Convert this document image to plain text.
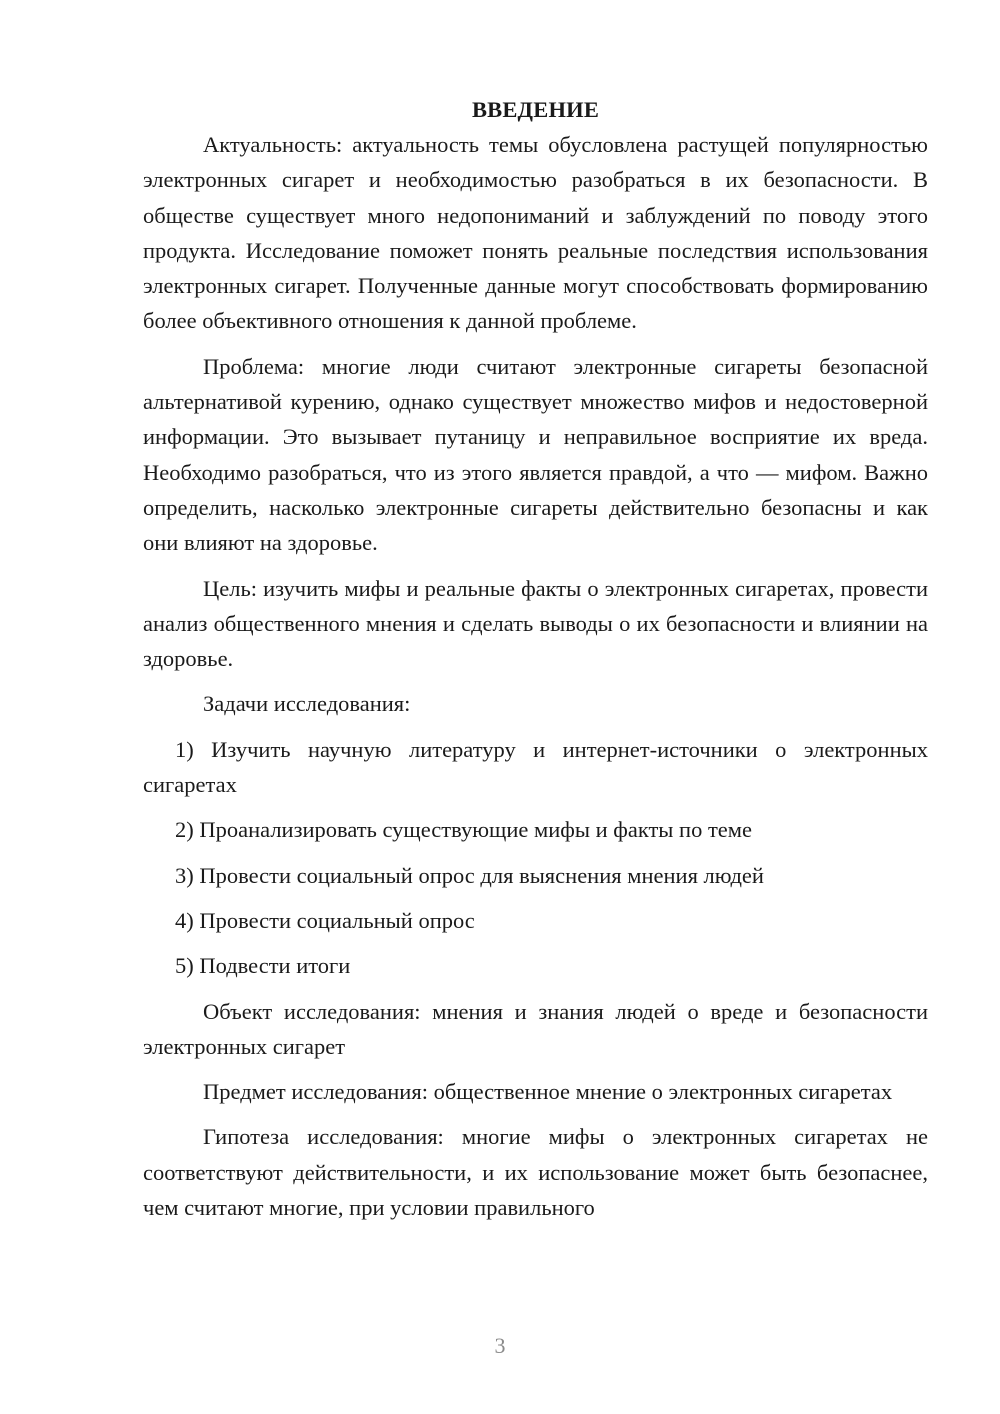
ВВЕДЕНИЕ

Актуальность: актуальность темы обусловлена растущей популярностью электронных сигарет и необходимостью разобраться в их безопасности. В обществе существует много недопониманий и заблуждений по поводу этого продукта. Исследование поможет понять реальные последствия использования электронных сигарет. Полученные данные могут способствовать формированию более объективного отношения к данной проблеме.

Проблема: многие люди считают электронные сигареты безопасной альтернативой курению, однако существует множество мифов и недостоверной информации. Это вызывает путаницу и неправильное восприятие их вреда. Необходимо разобраться, что из этого является правдой, а что — мифом. Важно определить, насколько электронные сигареты действительно безопасны и как они влияют на здоровье.

Цель: изучить мифы и реальные факты о электронных сигаретах, провести анализ общественного мнения и сделать выводы о их безопасности и влиянии на здоровье.

Задачи исследования:

1) Изучить научную литературу и интернет-источники о электронных сигаретах

2) Проанализировать существующие мифы и факты по теме

3) Провести социальный опрос для выяснения мнения людей

4) Провести социальный опрос

5) Подвести итоги

Объект исследования: мнения и знания людей о вреде и безопасности электронных сигарет

Предмет исследования: общественное мнение о электронных сигаретах

Гипотеза исследования: многие мифы о электронных сигаретах не соответствуют действительности, и их использование может быть безопаснее, чем считают многие, при условии правильного

3
